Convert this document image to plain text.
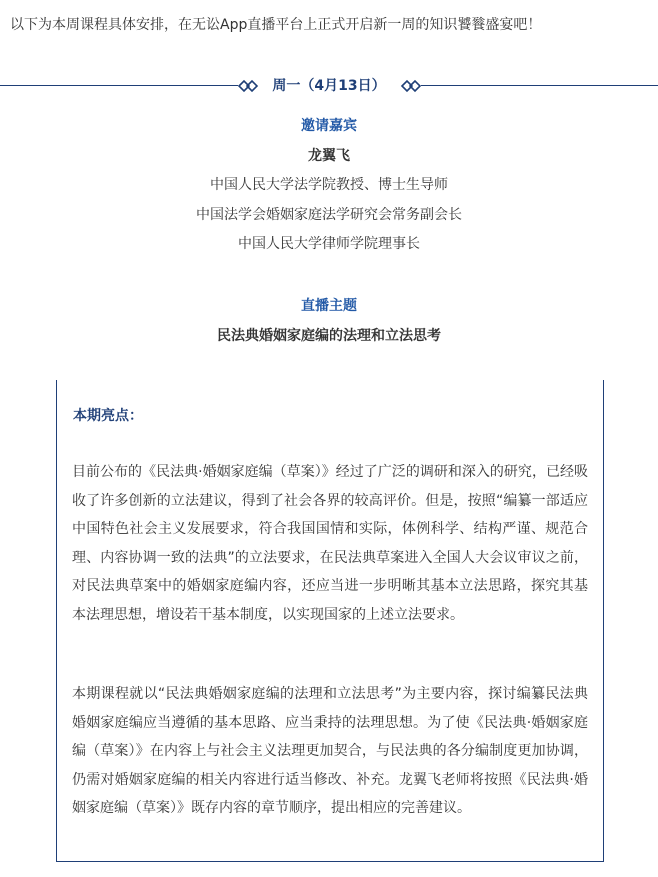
以下为本周课程具体安排，在无讼App直播平台上正式开启新一周的知识饕餮盛宴吧！
周一（4月13日）
邀请嘉宾
龙翼飞
中国人民大学法学院教授、博士生导师
中国法学会婚姻家庭法学研究会常务副会长
中国人民大学律师学院理事长
直播主题
民法典婚姻家庭编的法理和立法思考
本期亮点：
目前公布的《民法典·婚姻家庭编（草案）》经过了广泛的调研和深入的研究，已经吸收了许多创新的立法建议，得到了社会各界的较高评价。但是，按照“编纂一部适应中国特色社会主义发展要求，符合我国国情和实际，体例科学、结构严谨、规范合理、内容协调一致的法典”的立法要求，在民法典草案进入全国人大会议审议之前，对民法典草案中的婚姻家庭编内容，还应当进一步明晰其基本立法思路，探究其基本法理思想，增设若干基本制度，以实现国家的上述立法要求。
本期课程就以“民法典婚姻家庭编的法理和立法思考”为主要内容，探讨编纂民法典婚姻家庭编应当遵循的基本思路、应当秉持的法理思想。为了使《民法典·婚姻家庭编（草案）》在内容上与社会主义法理更加契合，与民法典的各分编制度更加协调，仍需对婚姻家庭编的相关内容进行适当修改、补充。龙翼飞老师将按照《民法典·婚姻家庭编（草案）》既存内容的章节顺序，提出相应的完善建议。
